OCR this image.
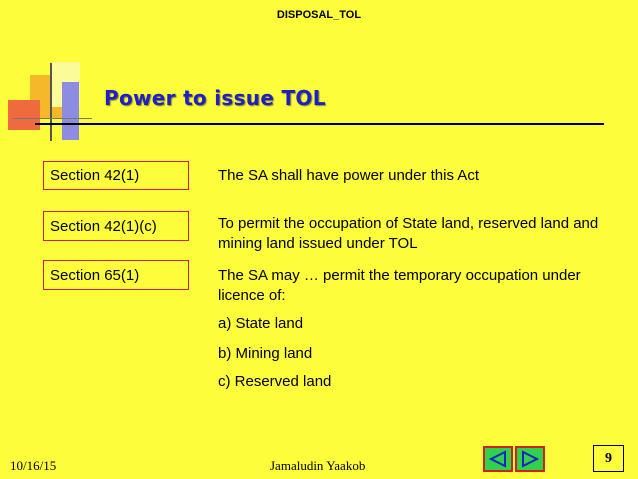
DISPOSAL_TOL
Power to issue TOL
Section 42(1)	The SA shall have power under this Act
Section 42(1)(c)	To permit the occupation of State land, reserved land and mining land issued under TOL
Section 65(1)	The SA may … permit the temporary occupation under licence of:
a) State land
b) Mining land
c) Reserved land
10/16/15	Jamaludin Yaakob	9
